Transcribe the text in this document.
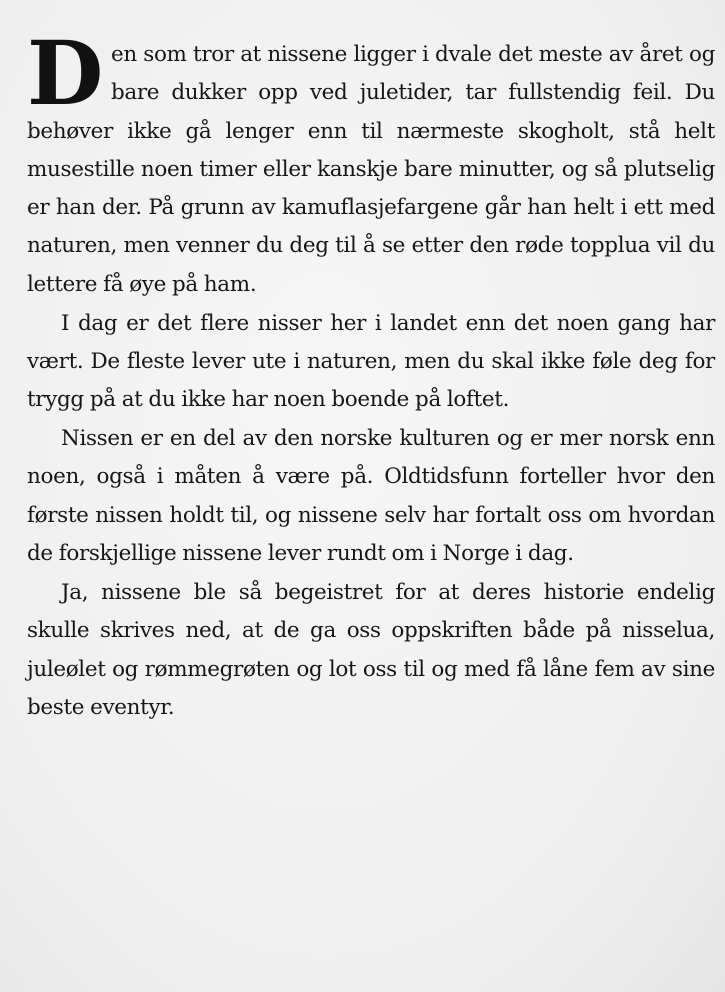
Den som tror at nissene ligger i dvale det meste av året og bare dukker opp ved juletider, tar fullstendig feil. Du behøver ikke gå lenger enn til nærmeste skogholt, stå helt musestille noen timer eller kanskje bare minutter, og så plutselig er han der. På grunn av kamuflasjefargene går han helt i ett med naturen, men venner du deg til å se etter den røde topplua vil du lettere få øye på ham.

I dag er det flere nisser her i landet enn det noen gang har vært. De fleste lever ute i naturen, men du skal ikke føle deg for trygg på at du ikke har noen boende på loftet.

Nissen er en del av den norske kulturen og er mer norsk enn noen, også i måten å være på. Oldtidsfunn forteller hvor den første nissen holdt til, og nissene selv har fortalt oss om hvordan de forskjellige nissene lever rundt om i Norge i dag.

Ja, nissene ble så begeistret for at deres historie endelig skulle skrives ned, at de ga oss oppskriften både på nisselua, juleølet og rømmegrøten og lot oss til og med få låne fem av sine beste eventyr.
